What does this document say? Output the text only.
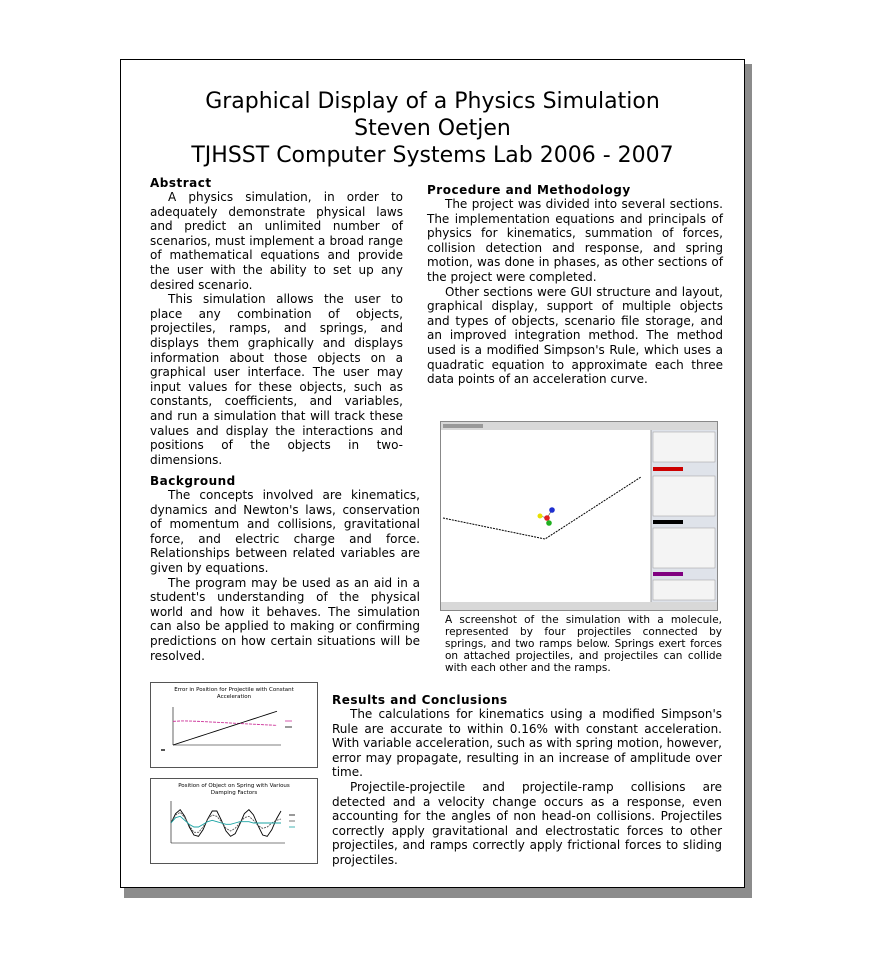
Graphical Display of a Physics Simulation
Steven Oetjen
TJHSST Computer Systems Lab 2006 - 2007
Abstract

A physics simulation, in order to adequately demonstrate physical laws and predict an unlimited number of scenarios, must implement a broad range of mathematical equations and provide the user with the ability to set up any desired scenario.

This simulation allows the user to place any combination of objects, projectiles, ramps, and springs, and displays them graphically and displays information about those objects on a graphical user interface. The user may input values for these objects, such as constants, coefficients, and variables, and run a simulation that will track these values and display the interactions and positions of the objects in two-dimensions.

Background

The concepts involved are kinematics, dynamics and Newton's laws, conservation of momentum and collisions, gravitational force, and electric charge and force. Relationships between related variables are given by equations.

The program may be used as an aid in a student's understanding of the physical world and how it behaves. The simulation can also be applied to making or confirming predictions on how certain situations will be resolved.

Procedure and Methodology

The project was divided into several sections. The implementation equations and principals of physics for kinematics, summation of forces, collision detection and response, and spring motion, was done in phases, as other sections of the project were completed.

Other sections were GUI structure and layout, graphical display, support of multiple objects and types of objects, scenario file storage, and an improved integration method. The method used is a modified Simpson's Rule, which uses a quadratic equation to approximate each three data points of an acceleration curve.

A screenshot of the simulation with a molecule, represented by four projectiles connected by springs, and two ramps below. Springs exert forces on attached projectiles, and projectiles can collide with each other and the ramps.

Error in Position for Projectile with Constant
Acceleration
Position of Object on Spring with Various
Damping Factors
Results and Conclusions

The calculations for kinematics using a modified Simpson's Rule are accurate to within 0.16% with constant acceleration. With variable acceleration, such as with spring motion, however, error may propagate, resulting in an increase of amplitude over time.

Projectile-projectile and projectile-ramp collisions are detected and a velocity change occurs as a response, even accounting for the angles of non head-on collisions. Projectiles correctly apply gravitational and electrostatic forces to other projectiles, and ramps correctly apply frictional forces to sliding projectiles.
